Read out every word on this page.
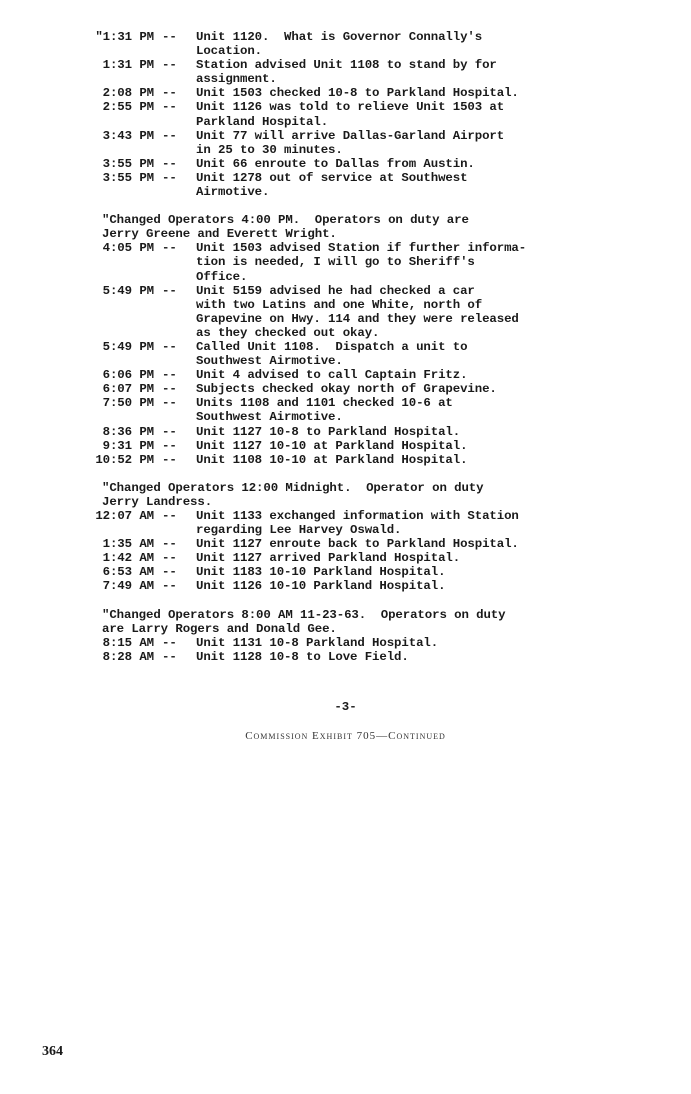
"1:31 PM --	Unit 1120.  What is Governor Connally's
Location.
1:31 PM --	Station advised Unit 1108 to stand by for
assignment.
2:08 PM --	Unit 1503 checked 10-8 to Parkland Hospital.
2:55 PM --	Unit 1126 was told to relieve Unit 1503 at
Parkland Hospital.
3:43 PM --	Unit 77 will arrive Dallas-Garland Airport
in 25 to 30 minutes.
3:55 PM --	Unit 66 enroute to Dallas from Austin.
3:55 PM --	Unit 1278 out of service at Southwest
Airmotive.
"Changed Operators 4:00 PM.  Operators on duty are
Jerry Greene and Everett Wright.
4:05 PM --	Unit 1503 advised Station if further informa-
tion is needed, I will go to Sheriff's
Office.
5:49 PM --	Unit 5159 advised he had checked a car
with two Latins and one White, north of
Grapevine on Hwy. 114 and they were released
as they checked out okay.
5:49 PM --	Called Unit 1108.  Dispatch a unit to
Southwest Airmotive.
6:06 PM --	Unit 4 advised to call Captain Fritz.
6:07 PM --	Subjects checked okay north of Grapevine.
7:50 PM --	Units 1108 and 1101 checked 10-6 at
Southwest Airmotive.
8:36 PM --	Unit 1127 10-8 to Parkland Hospital.
9:31 PM --	Unit 1127 10-10 at Parkland Hospital.
10:52 PM --	Unit 1108 10-10 at Parkland Hospital.
"Changed Operators 12:00 Midnight.  Operator on duty
Jerry Landress.
12:07 AM --	Unit 1133 exchanged information with Station
regarding Lee Harvey Oswald.
1:35 AM --	Unit 1127 enroute back to Parkland Hospital.
1:42 AM --	Unit 1127 arrived Parkland Hospital.
6:53 AM --	Unit 1183 10-10 Parkland Hospital.
7:49 AM --	Unit 1126 10-10 Parkland Hospital.
"Changed Operators 8:00 AM 11-23-63.  Operators on duty
are Larry Rogers and Donald Gee.
8:15 AM --	Unit 1131 10-8 Parkland Hospital.
8:28 AM --	Unit 1128 10-8 to Love Field.
-3-
Commission Exhibit 705—Continued
364
